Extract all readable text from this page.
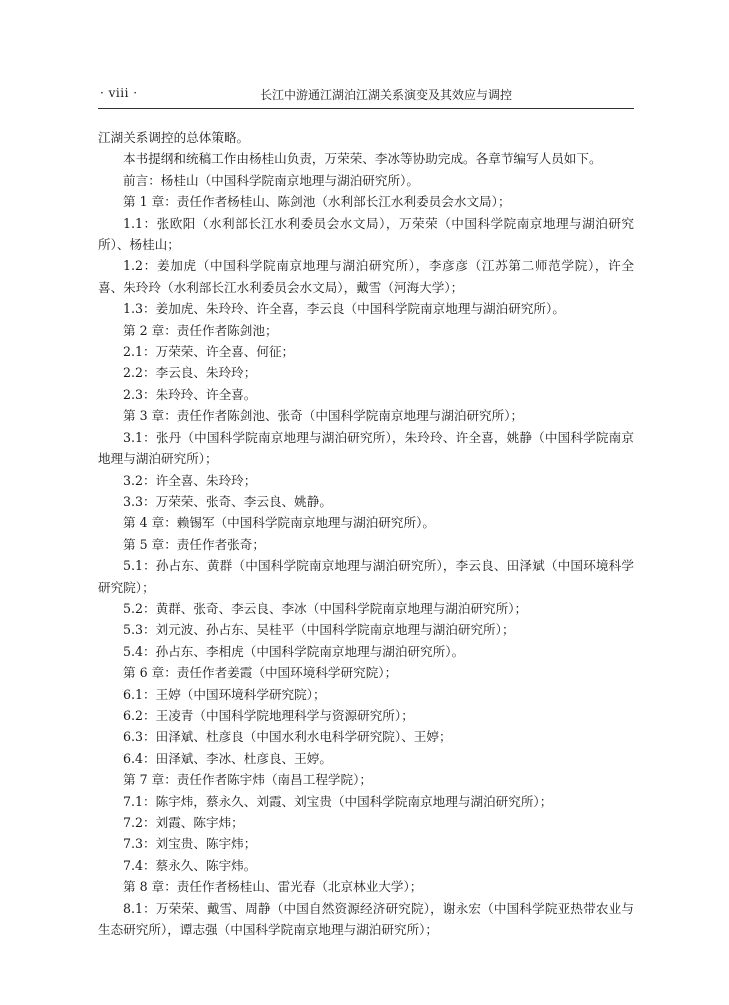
· viii ·	长江中游通江湖泊江湖关系演变及其效应与调控

江湖关系调控的总体策略。

本书提纲和统稿工作由杨桂山负责，万荣荣、李冰等协助完成。各章节编写人员如下。

前言：杨桂山（中国科学院南京地理与湖泊研究所）。

第 1 章：责任作者杨桂山、陈剑池（水利部长江水利委员会水文局）；

1.1：张欧阳（水利部长江水利委员会水文局），万荣荣（中国科学院南京地理与湖泊研究所）、杨桂山；

1.2：姜加虎（中国科学院南京地理与湖泊研究所），李彦彦（江苏第二师范学院），许全喜、朱玲玲（水利部长江水利委员会水文局），戴雪（河海大学）；

1.3：姜加虎、朱玲玲、许全喜，李云良（中国科学院南京地理与湖泊研究所）。

第 2 章：责任作者陈剑池；

2.1：万荣荣、许全喜、何征；

2.2：李云良、朱玲玲；

2.3：朱玲玲、许全喜。

第 3 章：责任作者陈剑池、张奇（中国科学院南京地理与湖泊研究所）；

3.1：张丹（中国科学院南京地理与湖泊研究所），朱玲玲、许全喜，姚静（中国科学院南京地理与湖泊研究所）；

3.2：许全喜、朱玲玲；

3.3：万荣荣、张奇、李云良、姚静。

第 4 章：赖锡军（中国科学院南京地理与湖泊研究所）。

第 5 章：责任作者张奇；

5.1：孙占东、黄群（中国科学院南京地理与湖泊研究所），李云良、田泽斌（中国环境科学研究院）；

5.2：黄群、张奇、李云良、李冰（中国科学院南京地理与湖泊研究所）；

5.3：刘元波、孙占东、吴桂平（中国科学院南京地理与湖泊研究所）；

5.4：孙占东、李相虎（中国科学院南京地理与湖泊研究所）。

第 6 章：责任作者姜霞（中国环境科学研究院）；

6.1：王婷（中国环境科学研究院）；

6.2：王凌青（中国科学院地理科学与资源研究所）；

6.3：田泽斌、杜彦良（中国水利水电科学研究院）、王婷；

6.4：田泽斌、李冰、杜彦良、王婷。

第 7 章：责任作者陈宇炜（南昌工程学院）；

7.1：陈宇炜，蔡永久、刘霞、刘宝贵（中国科学院南京地理与湖泊研究所）；

7.2：刘霞、陈宇炜；

7.3：刘宝贵、陈宇炜；

7.4：蔡永久、陈宇炜。

第 8 章：责任作者杨桂山、雷光春（北京林业大学）；

8.1：万荣荣、戴雪、周静（中国自然资源经济研究院），谢永宏（中国科学院亚热带农业与生态研究所），谭志强（中国科学院南京地理与湖泊研究所）；
